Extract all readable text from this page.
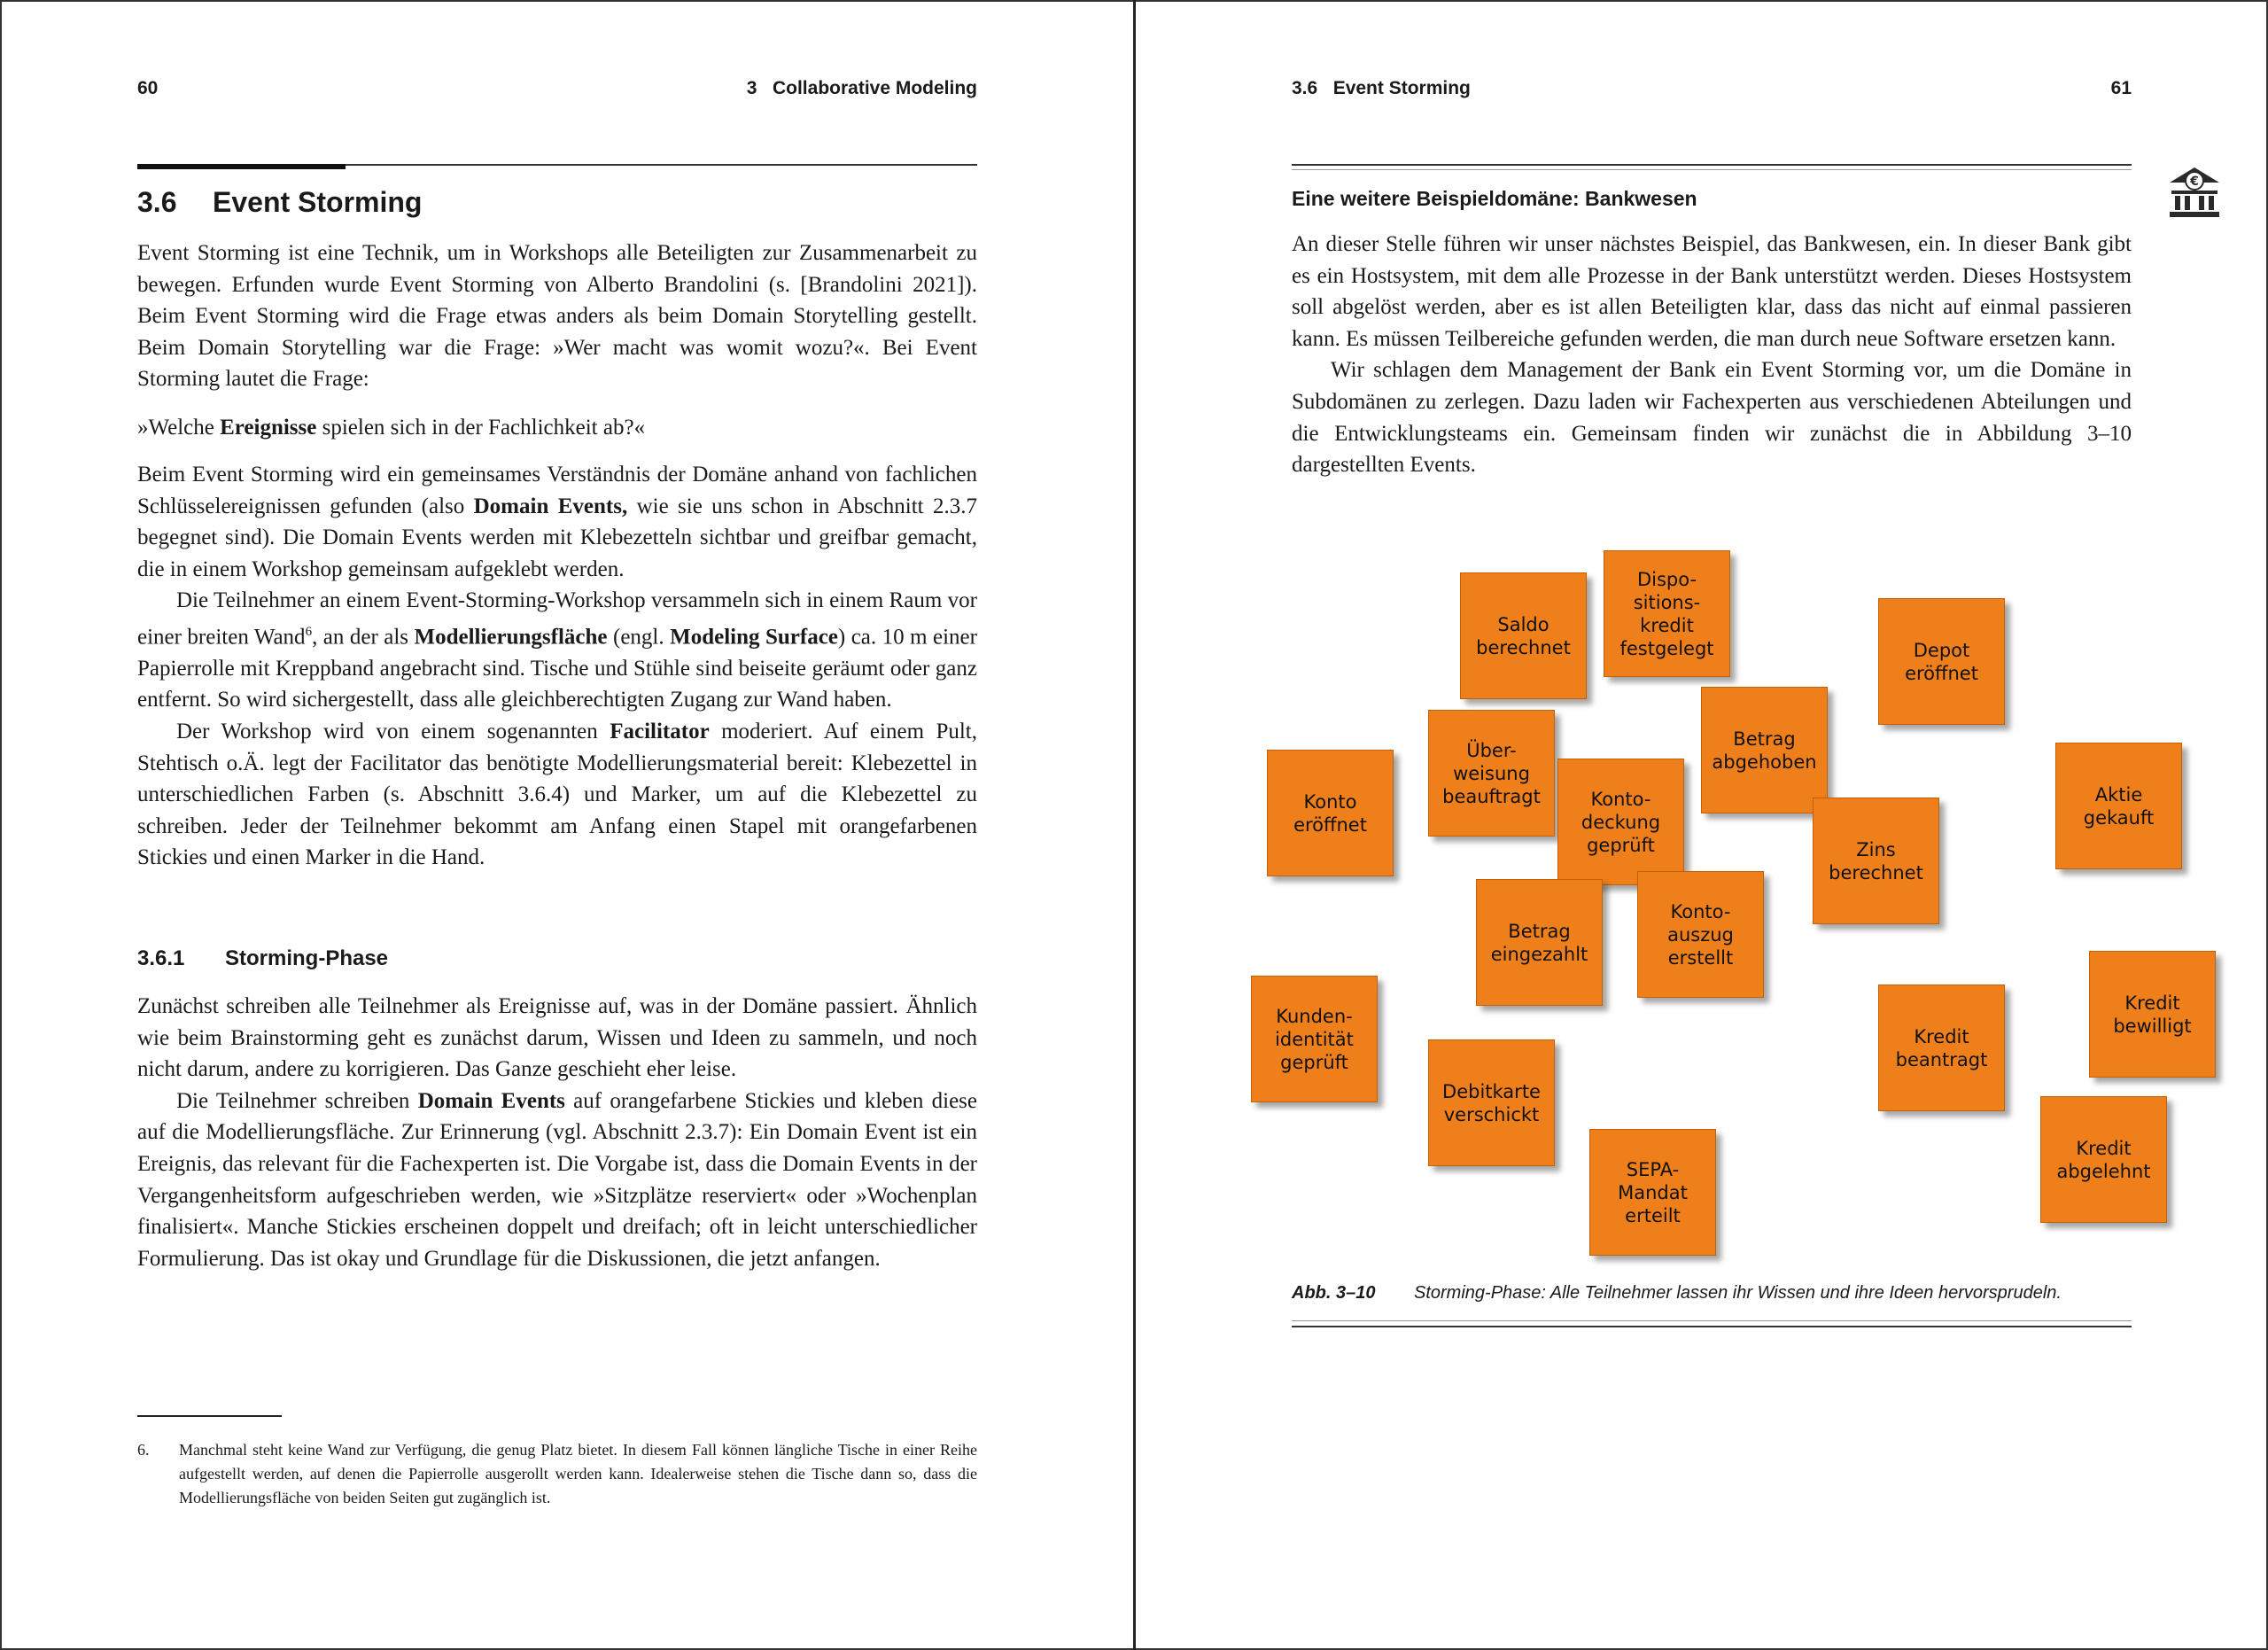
60	3   Collaborative Modeling
3.6 Event Storming

Event Storming ist eine Technik, um in Workshops alle Beteiligten zur Zusammenarbeit zu bewegen. Erfunden wurde Event Storming von Alberto Brandolini (s. [Brandolini 2021]). Beim Event Storming wird die Frage etwas anders als beim Domain Storytelling gestellt. Beim Domain Storytelling war die Frage: »Wer macht was womit wozu?«. Bei Event Storming lautet die Frage:

»Welche Ereignisse spielen sich in der Fachlichkeit ab?«

Beim Event Storming wird ein gemeinsames Verständnis der Domäne anhand von fachlichen Schlüsselereignissen gefunden (also Domain Events, wie sie uns schon in Abschnitt 2.3.7 begegnet sind). Die Domain Events werden mit Klebezetteln sichtbar und greifbar gemacht, die in einem Workshop gemeinsam aufgeklebt werden.

Die Teilnehmer an einem Event-Storming-Workshop versammeln sich in einem Raum vor einer breiten Wand$^6$, an der als Modellierungsfläche (engl. Modeling Surface) ca. 10 m einer Papierrolle mit Kreppband angebracht sind. Tische und Stühle sind beiseite geräumt oder ganz entfernt. So wird sichergestellt, dass alle gleichberechtigten Zugang zur Wand haben.

Der Workshop wird von einem sogenannten Facilitator moderiert. Auf einem Pult, Stehtisch o.Ä. legt der Facilitator das benötigte Modellierungsmaterial bereit: Klebezettel in unterschiedlichen Farben (s. Abschnitt 3.6.4) und Marker, um auf die Klebezettel zu schreiben. Jeder der Teilnehmer bekommt am Anfang einen Stapel mit orangefarbenen Stickies und einen Marker in die Hand.

3.6.1 Storming-Phase

Zunächst schreiben alle Teilnehmer als Ereignisse auf, was in der Domäne passiert. Ähnlich wie beim Brainstorming geht es zunächst darum, Wissen und Ideen zu sammeln, und noch nicht darum, andere zu korrigieren. Das Ganze geschieht eher leise.

Die Teilnehmer schreiben Domain Events auf orangefarbene Stickies und kleben diese auf die Modellierungsfläche. Zur Erinnerung (vgl. Abschnitt 2.3.7): Ein Domain Event ist ein Ereignis, das relevant für die Fachexperten ist. Die Vorgabe ist, dass die Domain Events in der Vergangenheitsform aufgeschrieben werden, wie »Sitzplätze reserviert« oder »Wochenplan finalisiert«. Manche Stickies erscheinen doppelt und dreifach; oft in leicht unterschiedlicher Formulierung. Das ist okay und Grundlage für die Diskussionen, die jetzt anfangen.

6. Manchmal steht keine Wand zur Verfügung, die genug Platz bietet. In diesem Fall können längliche Tische in einer Reihe aufgestellt werden, auf denen die Papierrolle ausgerollt werden kann. Idealerweise stehen die Tische dann so, dass die Modellierungsfläche von beiden Seiten gut zugänglich ist.
3.6   Event Storming	61
Eine weitere Beispieldomäne: Bankwesen

An dieser Stelle führen wir unser nächstes Beispiel, das Bankwesen, ein. In dieser Bank gibt es ein Hostsystem, mit dem alle Prozesse in der Bank unterstützt werden. Dieses Hostsystem soll abgelöst werden, aber es ist allen Beteiligten klar, dass das nicht auf einmal passieren kann. Es müssen Teilbereiche gefunden werden, die man durch neue Software ersetzen kann.

Wir schlagen dem Management der Bank ein Event Storming vor, um die Domäne in Subdomänen zu zerlegen. Dazu laden wir Fachexperten aus verschiedenen Abteilungen und die Entwicklungsteams ein. Gemeinsam finden wir zunächst die in Abbildung 3–10 dargestellten Events.

Abb. 3–10 Storming-Phase: Alle Teilnehmer lassen ihr Wissen und ihre Ideen hervorsprudeln.
Saldo
berechnet
Dispo-
sitions-
kredit
festgelegt	Depot
eröffnet
Über-
weisung
beauftragt
Betrag
abgehoben
Konto
eröffnet
Konto-
deckung
geprüft	Zins
berechnet
Aktie
gekauft
Betrag
eingezahlt
Konto-
auszug
erstellt
Kunden-
identität
geprüft
Kredit
bewilligt
Kredit
beantragt
Debitkarte
verschickt
Kredit
abgelehnt
SEPA-
Mandat
erteilt
€
